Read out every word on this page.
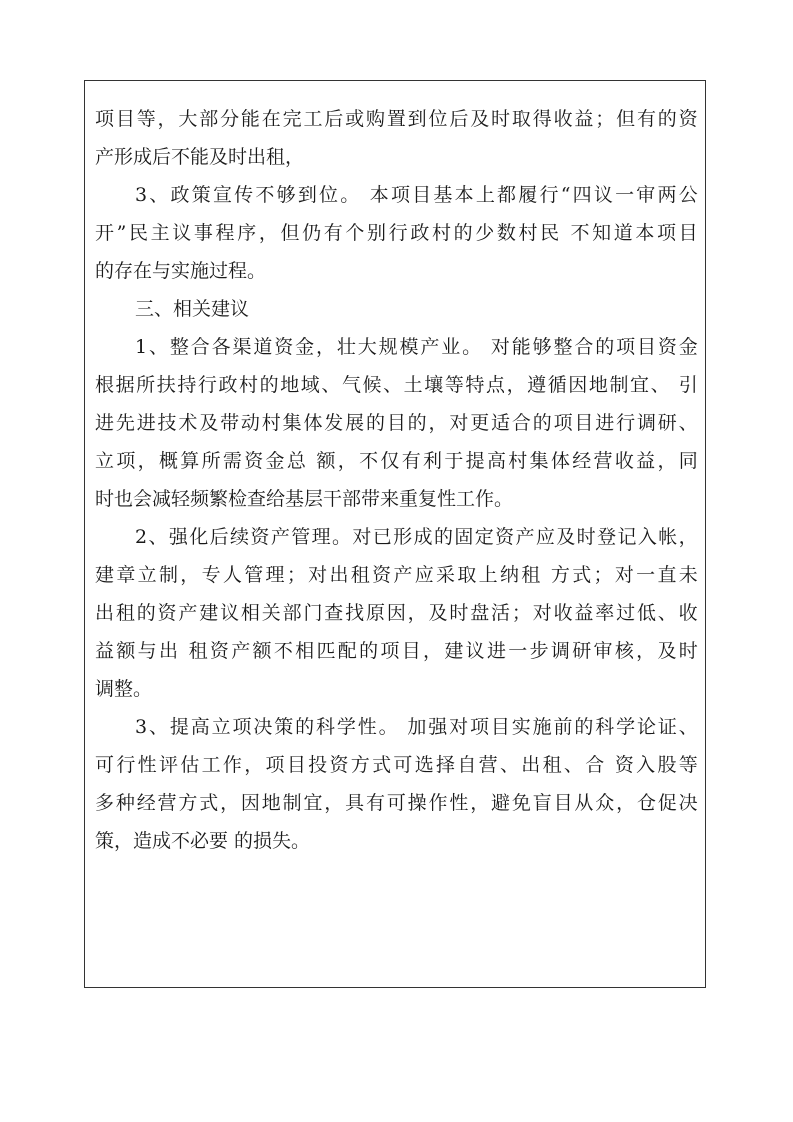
项 目 等 ， 大 部 分 能 在 完 工 后 或 购 置 到 位 后 及 时 取 得 收 益 ； 但 有 的 资
产形成后不能及时出租，
3 、 政 策 宣 传 不 够 到 位 。
本 项 目 基 本 上 都 履 行 “ 四 议 一 审 两 公
开 ” 民 主 议 事 程 序 ， 但 仍 有 个 别 行 政 村 的 少 数 村 民
不 知 道 本 项 目
的存在与实施过程。
三、相关建议
1 、 整 合 各 渠 道 资 金 ， 壮 大 规 模 产 业 。
对 能 够 整 合 的 项 目 资 金
根 据 所 扶 持 行 政 村 的 地 域 、 气 候 、 土 壤 等 特 点 ， 遵 循 因 地 制 宜 、
引
进 先 进 技 术 及 带 动 村 集 体 发 展 的 目 的 ， 对 更 适 合 的 项 目 进 行 调 研 、
立 项 ， 概 算 所 需 资 金 总
额 ， 不 仅 有 利 于 提 高 村 集 体 经 营 收 益 ， 同
时也会减轻频繁检查给基层干部带来重复性工作。
2 、 强 化 后 续 资 产 管 理 。 对 已 形 成 的 固 定 资 产 应 及 时 登 记 入 帐 ，
建 章 立 制 ， 专 人 管 理 ； 对 出 租 资 产 应 采 取 上 纳 租
方 式 ； 对 一 直 未
出 租 的 资 产 建 议 相 关 部 门 查 找 原 因 ， 及 时 盘 活 ； 对 收 益 率 过 低 、 收
益 额 与 出
租 资 产 额 不 相 匹 配 的 项 目 ， 建 议 进 一 步 调 研 审 核 ， 及 时
调整。
3 、 提 高 立 项 决 策 的 科 学 性 。
加 强 对 项 目 实 施 前 的 科 学 论 证 、
可 行 性 评 估 工 作 ， 项 目 投 资 方 式 可 选 择 自 营 、 出 租 、 合
资 入 股 等
多 种 经 营 方 式 ， 因 地 制 宜 ， 具 有 可 操 作 性 ， 避 免 盲 目 从 众 ， 仓 促 决
策，造成不必要 的损失。
